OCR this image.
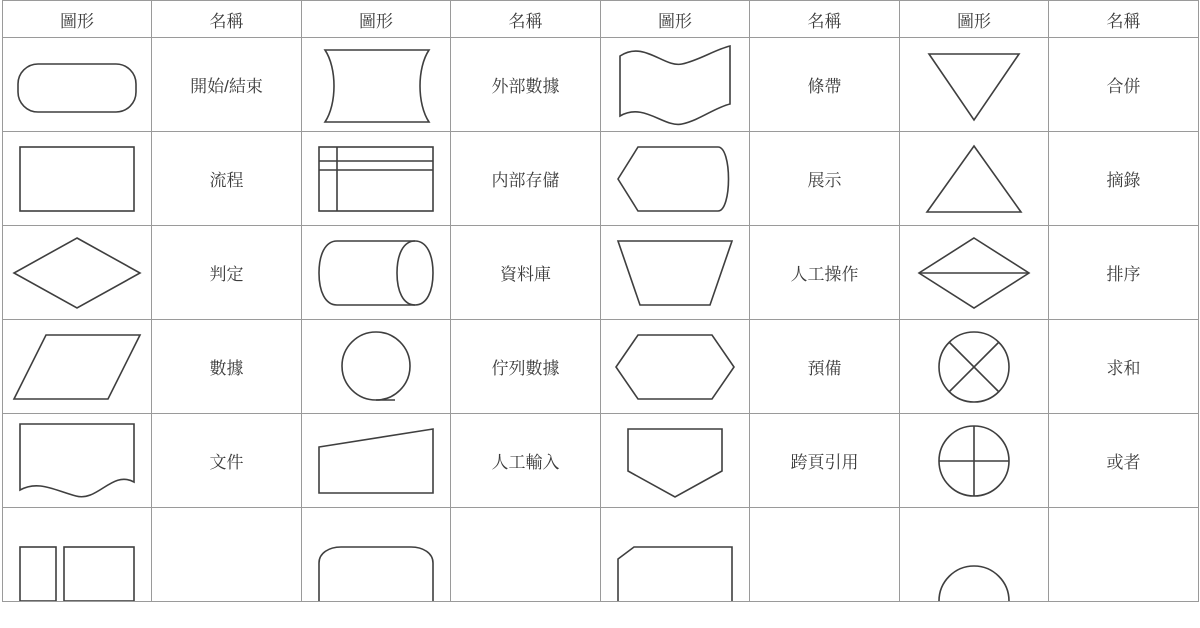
圖形	名稱	圖形	名稱	圖形	名稱	圖形	名稱

	開始/結束		外部數據		條帶		合併

	流程		内部存儲		展示		摘錄

	判定		資料庫		人工操作		排序

	數據		佇列數據		預備		求和

	文件		人工輸入		跨頁引用		或者
